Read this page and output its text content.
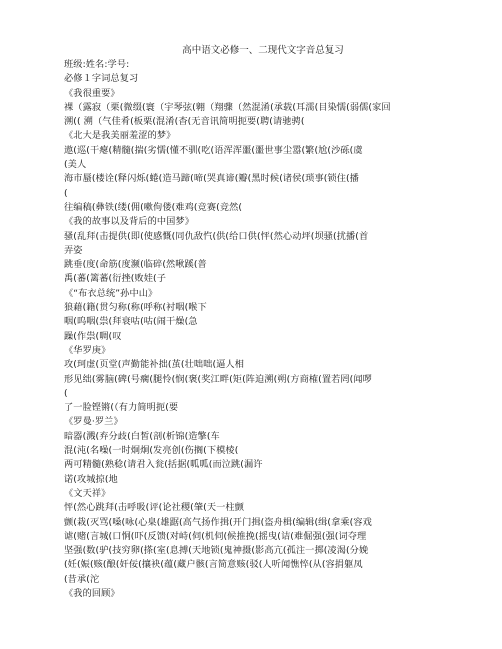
高中语文必修一、二现代文字音总复习
班级:姓名:学号:
必修１字词总复习
《我很重要》
裸（露寂（栗(微缀(寰（宇琴弦(翱（翔骤（然混淆(承载(耳濡(目染懦(弱儒(家回
溯(( 溯（气佳肴(板栗(混淆(杳(无音讯简明扼要(聘(请驰骋(
《北大是我美丽羞涩的梦》
遨(巡(干瘪(精髓(揣(劣懦(懂不驯(吃(语浑浑噩(噩世事尘嚣(繁(尬(沙砾(虞
(美人
海市蜃(楼诠(释闪烁(蜷(造马蹄(啼(哭真谛(瓣(黑时候(诸侯(琐事(锁住(播
(
往编稿(彝铁(缕(佣(嗽佝偻(难鸡(竞赛(竞然(
《我的故事以及背后的中国梦》
骚(乱拜(击提供(即(使感慨(同仇敌忾(供(给口供(怦(然心动坪(坝骚(扰播(首
弄姿
跳垂(度(命筋(度濒(临碎(然啾蹊(普
禹(蕃(篱蕃(衍挫(败娃(子
《“布衣总统”孙中山》
狼藉(籍(贯匀称(称(呼称(衬咽(喉下
咽(呜咽(祟(拜衰咕(咕(闹干燥(急
躁(作祟(啁(叹
《华罗庚》
攻(珂虚(页堂(声勤能补拙(茧(壮咄咄(逼人相
形见绌(雾脑(碑(号瘸(腿怜(悯(褒(奖江畔(矩(阵迫溯(朔(方商榷(置若罔(闻啰
(
了一脸铿锵(（有力简明扼(要
《罗曼·罗兰》
暗器(溅(弃分歧(白皙(剖(析锦(造擎(车
混(沌(名噪(一时炯炯(发亮创(伤搁(下模棱(
两可精髓(熟稔(请君入瓮(括据(呱呱(而泣跳(漏许
诺(攻城掠(地
《文天祥》
怦(然心跳拜(击呼吸(评(论社稷(肇(天一柱颤
颤(栽(灭骂(嗓(咏(心臬(雄踞(高气扬作揖(开门揖(盗舟楫(编辑(缉(拿乘(容戏
谑(赌(言城(口恫(吓(反馈(对峙(伺(机伺(候推挽(摇曳(诘(难倔强(强(词夺理
坚强(数(驴(技穷卵(搽(室(息搏(天地锁(鬼神摄(影高亢(孤注一掷(凌渴(分娩
(妊(娠(赅(酿(奸佞(攘袂(蕴(藏户骸(言简意赅(驳(人听闻憔悴(从(容捐躯凤
(昔承(沱
《我的回顾》
